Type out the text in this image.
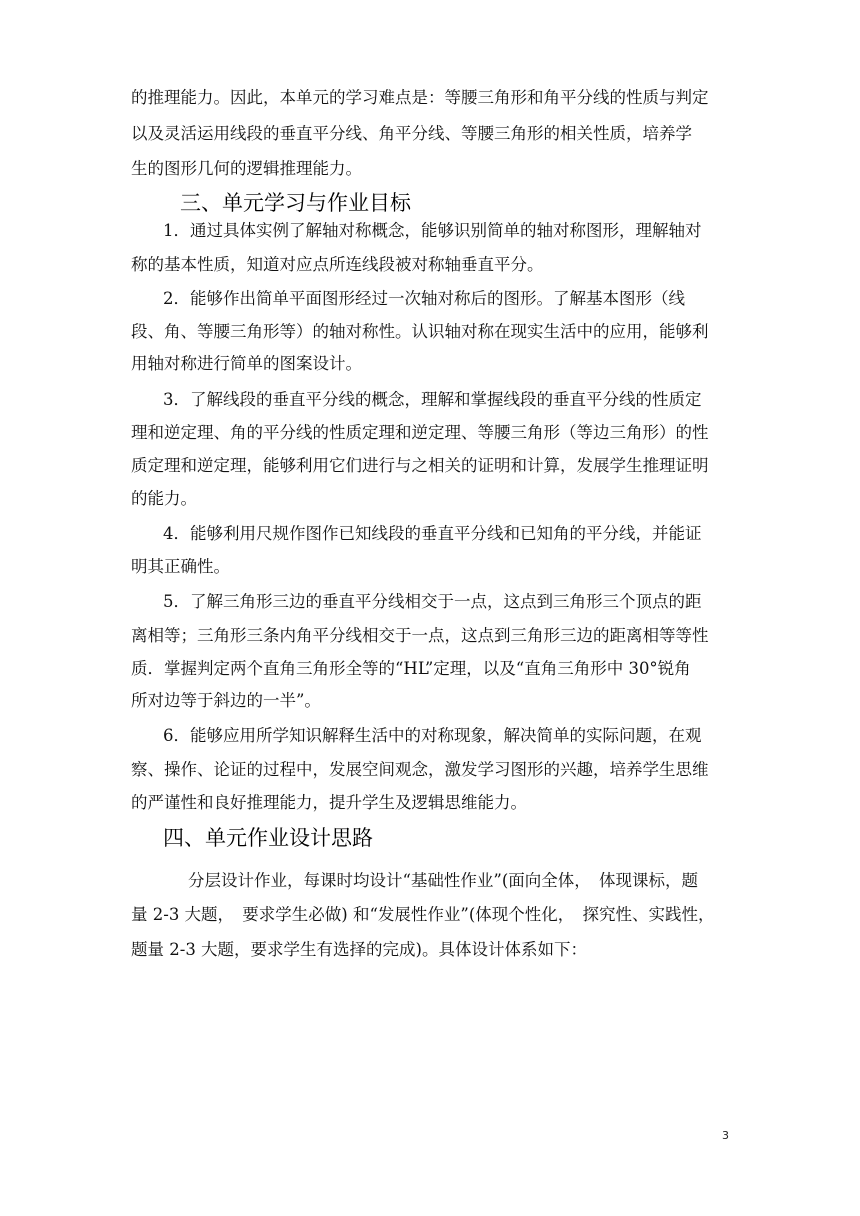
的推理能力。因此，本单元的学习难点是：等腰三角形和角平分线的性质与判定
以及灵活运用线段的垂直平分线、角平分线、等腰三角形的相关性质，培养学
生的图形几何的逻辑推理能力。
三、单元学习与作业目标
1．通过具体实例了解轴对称概念，能够识别简单的轴对称图形，理解轴对
称的基本性质，知道对应点所连线段被对称轴垂直平分。
2．能够作出简单平面图形经过一次轴对称后的图形。了解基本图形（线
段、角、等腰三角形等）的轴对称性。认识轴对称在现实生活中的应用，能够利
用轴对称进行简单的图案设计。
3．了解线段的垂直平分线的概念，理解和掌握线段的垂直平分线的性质定
理和逆定理、角的平分线的性质定理和逆定理、等腰三角形（等边三角形）的性
质定理和逆定理，能够利用它们进行与之相关的证明和计算，发展学生推理证明
的能力。
4．能够利用尺规作图作已知线段的垂直平分线和已知角的平分线，并能证
明其正确性。
5．了解三角形三边的垂直平分线相交于一点，这点到三角形三个顶点的距
离相等；三角形三条内角平分线相交于一点，这点到三角形三边的距离相等等性
质．掌握判定两个直角三角形全等的“HL”定理，以及“直角三角形中 30°锐角
所对边等于斜边的一半”。
6．能够应用所学知识解释生活中的对称现象，解决简单的实际问题，在观
察、操作、论证的过程中，发展空间观念，激发学习图形的兴趣，培养学生思维
的严谨性和良好推理能力，提升学生及逻辑思维能力。
四、单元作业设计思路
分层设计作业，每课时均设计“基础性作业”(面向全体，　体现课标，题
量 2-3 大题，　要求学生必做) 和“发展性作业”(体现个性化，　探究性、实践性，
题量 2-3 大题，要求学生有选择的完成)。具体设计体系如下：
3
